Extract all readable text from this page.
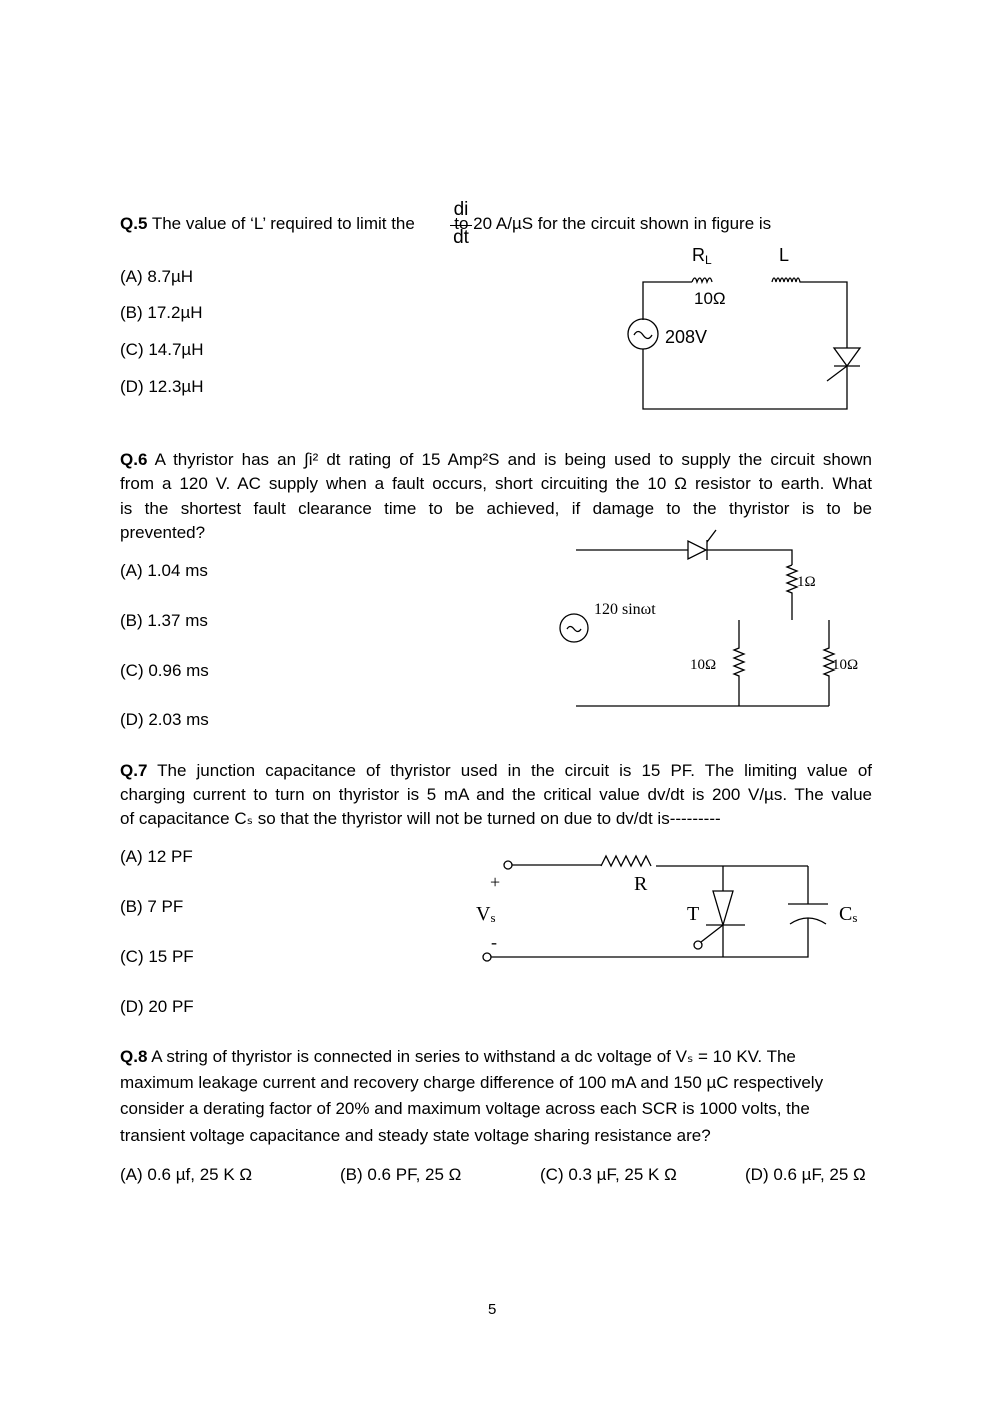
Q.5 The value of ‘L’ required to limit the  to 20 A/µS for the circuit shown in figure is
di
dt
(A) 8.7µH
(B) 17.2µH
(C) 14.7µH
(D) 12.3µH
Q.6 A thyristor has an ∫i² dt rating of 15 Amp²S and is being used to supply the circuit shown
from a 120 V. AC supply when a fault occurs, short circuiting the 10 Ω resistor to earth. What
is the shortest fault clearance time to be achieved, if damage to the thyristor is to be
prevented?
(A) 1.04 ms
(B) 1.37 ms
(C) 0.96 ms
(D) 2.03 ms
Q.7 The junction capacitance of thyristor used in the circuit is 15 PF. The limiting value of
charging current to turn on thyristor is 5 mA and the critical value dv/dt is 200 V/µs. The value
of capacitance Cₛ so that the thyristor will not be turned on due to dv/dt is---------
(A) 12 PF
(B) 7 PF
(C) 15 PF
(D) 20 PF
Q.8 A string of thyristor is connected in series to withstand a dc voltage of Vₛ = 10 KV. The
maximum leakage current and recovery charge difference of 100 mA and 150 µC respectively
consider a derating factor of 20% and maximum voltage across each SCR is 1000 volts, the
transient voltage capacitance and steady state voltage sharing resistance are?
(A) 0.6 µf, 25 K Ω	(B) 0.6 PF, 25 Ω	(C) 0.3 µF, 25 K Ω	(D) 0.6 µF, 25 Ω
5
RL	L
10Ω
208V
120 sinωt
1Ω
10Ω	10Ω
+
Vs
-
R
T	Cs
